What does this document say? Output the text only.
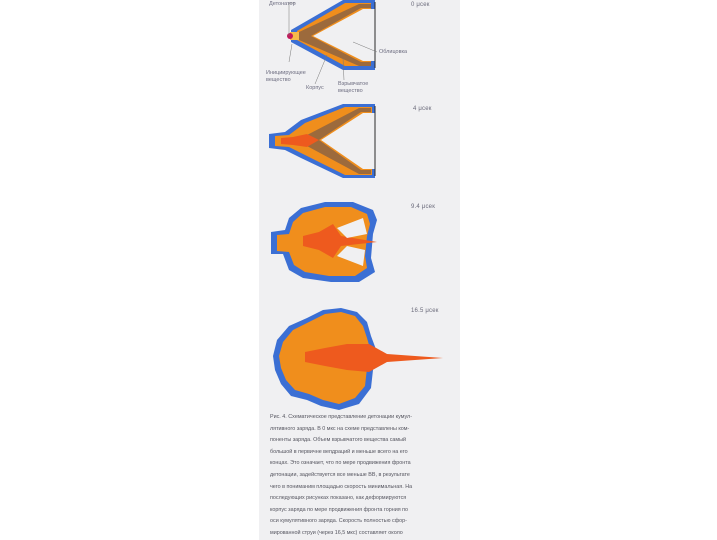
0 μсек
Детонатор
Облицовка
Инициирующее
вещество
Корпус
Взрывчатое
вещество
4 μсек
9.4 μсек
16.5 μсек
Рис. 4. Схематическое представление детонации кумул-
лятивного заряда. В 0 мкс на схеме представлены ком-
поненты заряда. Объем взрывчатого вещества самый
большой в первичне вепдраций и меньше всего на его
концах. Это означает, что по мере продвижения фронта
детонации, задействуется все меньше ВВ, в результате
чего в пониманим площадью скорость минимальная. На
последующих рисунках показано, как деформируются
корпус заряда по мере продвижения фронта горния по
оси кумулятивного заряда. Скорость полностью сфор-
мированной струи (через 16,5 мкс) составляет около
